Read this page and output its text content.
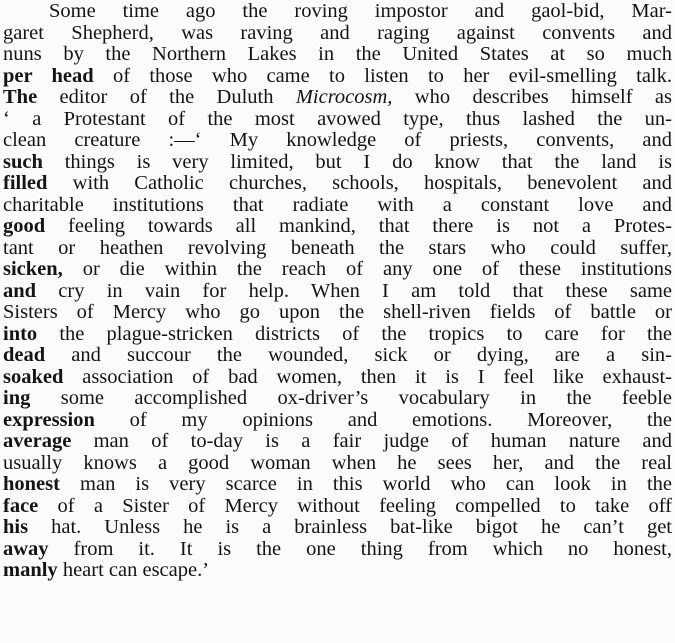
Some time ago the roving impostor and gaol-bid, Mar-
garet Shepherd, was raving and raging against convents and
nuns by the Northern Lakes in the United States at so much
per head of those who came to listen to her evil-smelling talk.
The editor of the Duluth Microcosm, who describes himself as
‘ a Protestant of the most avowed type, thus lashed the un-
clean creature :—‘ My knowledge of priests, convents, and
such things is very limited, but I do know that the land is
filled with Catholic churches, schools, hospitals, benevolent and
charitable institutions that radiate with a constant love and
good feeling towards all mankind, that there is not a Protes-
tant or heathen revolving beneath the stars who could suffer,
sicken, or die within the reach of any one of these institutions
and cry in vain for help. When I am told that these same
Sisters of Mercy who go upon the shell-riven fields of battle or
into the plague-stricken districts of the tropics to care for the
dead and succour the wounded, sick or dying, are a sin-
soaked association of bad women, then it is I feel like exhaust-
ing some accomplished ox-driver’s vocabulary in the feeble
expression of my opinions and emotions. Moreover, the
average man of to-day is a fair judge of human nature and
usually knows a good woman when he sees her, and the real
honest man is very scarce in this world who can look in the
face of a Sister of Mercy without feeling compelled to take off
his hat. Unless he is a brainless bat-like bigot he can’t get
away from it. It is the one thing from which no honest,
manly heart can escape.’
